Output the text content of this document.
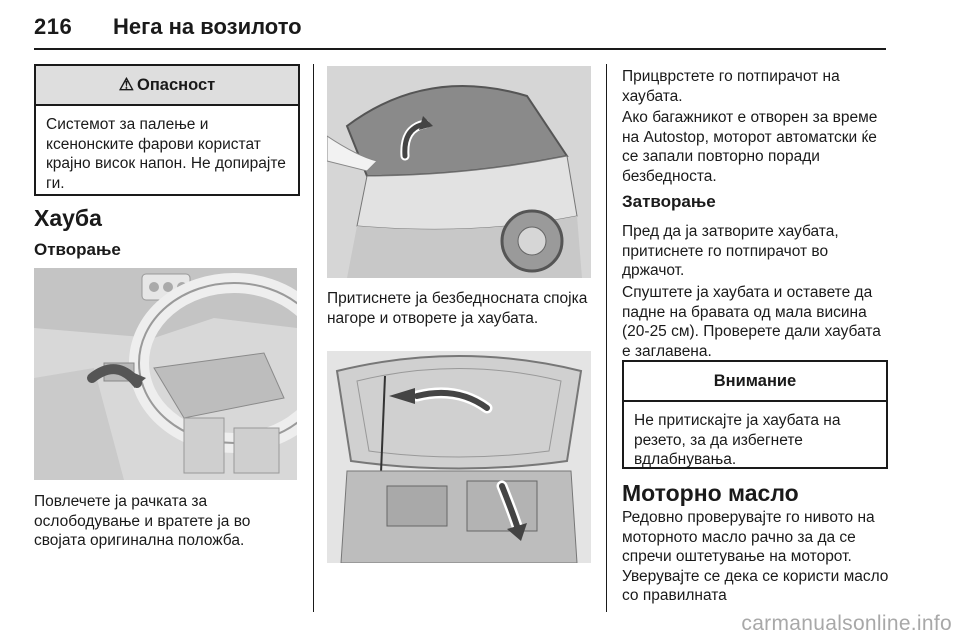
216 Нега на возилото
⚠ Опасност
Системот за палење и ксенонските фарови користат крајно висок напон. Не допирајте ги.
Хауба
Отворање
Повлечете ја рачката за ослободување и вратете ја во својата оригинална положба.
Притиснете ја безбедносната спојка нагоре и отворете ја хаубата.
Прицврстете го потпирачот на хаубата.
Ако багажникот е отворен за време на Autostop, моторот автоматски ќе се запали повторно поради безбедноста.
Затворање
Пред да ја затворите хаубата, притиснете го потпирачот во држачот.
Спуштете ја хаубата и оставете да падне на бравата од мала висина (20-25 см). Проверете дали хаубата е заглавена.
Внимание
Не притискајте ја хаубата на резето, за да избегнете вдлабнувања.
Моторно масло
Редовно проверувајте го нивото на моторното масло рачно за да се спречи оштетување на моторот. Уверувајте се дека се користи масло со правилната
carmanualsonline.info
